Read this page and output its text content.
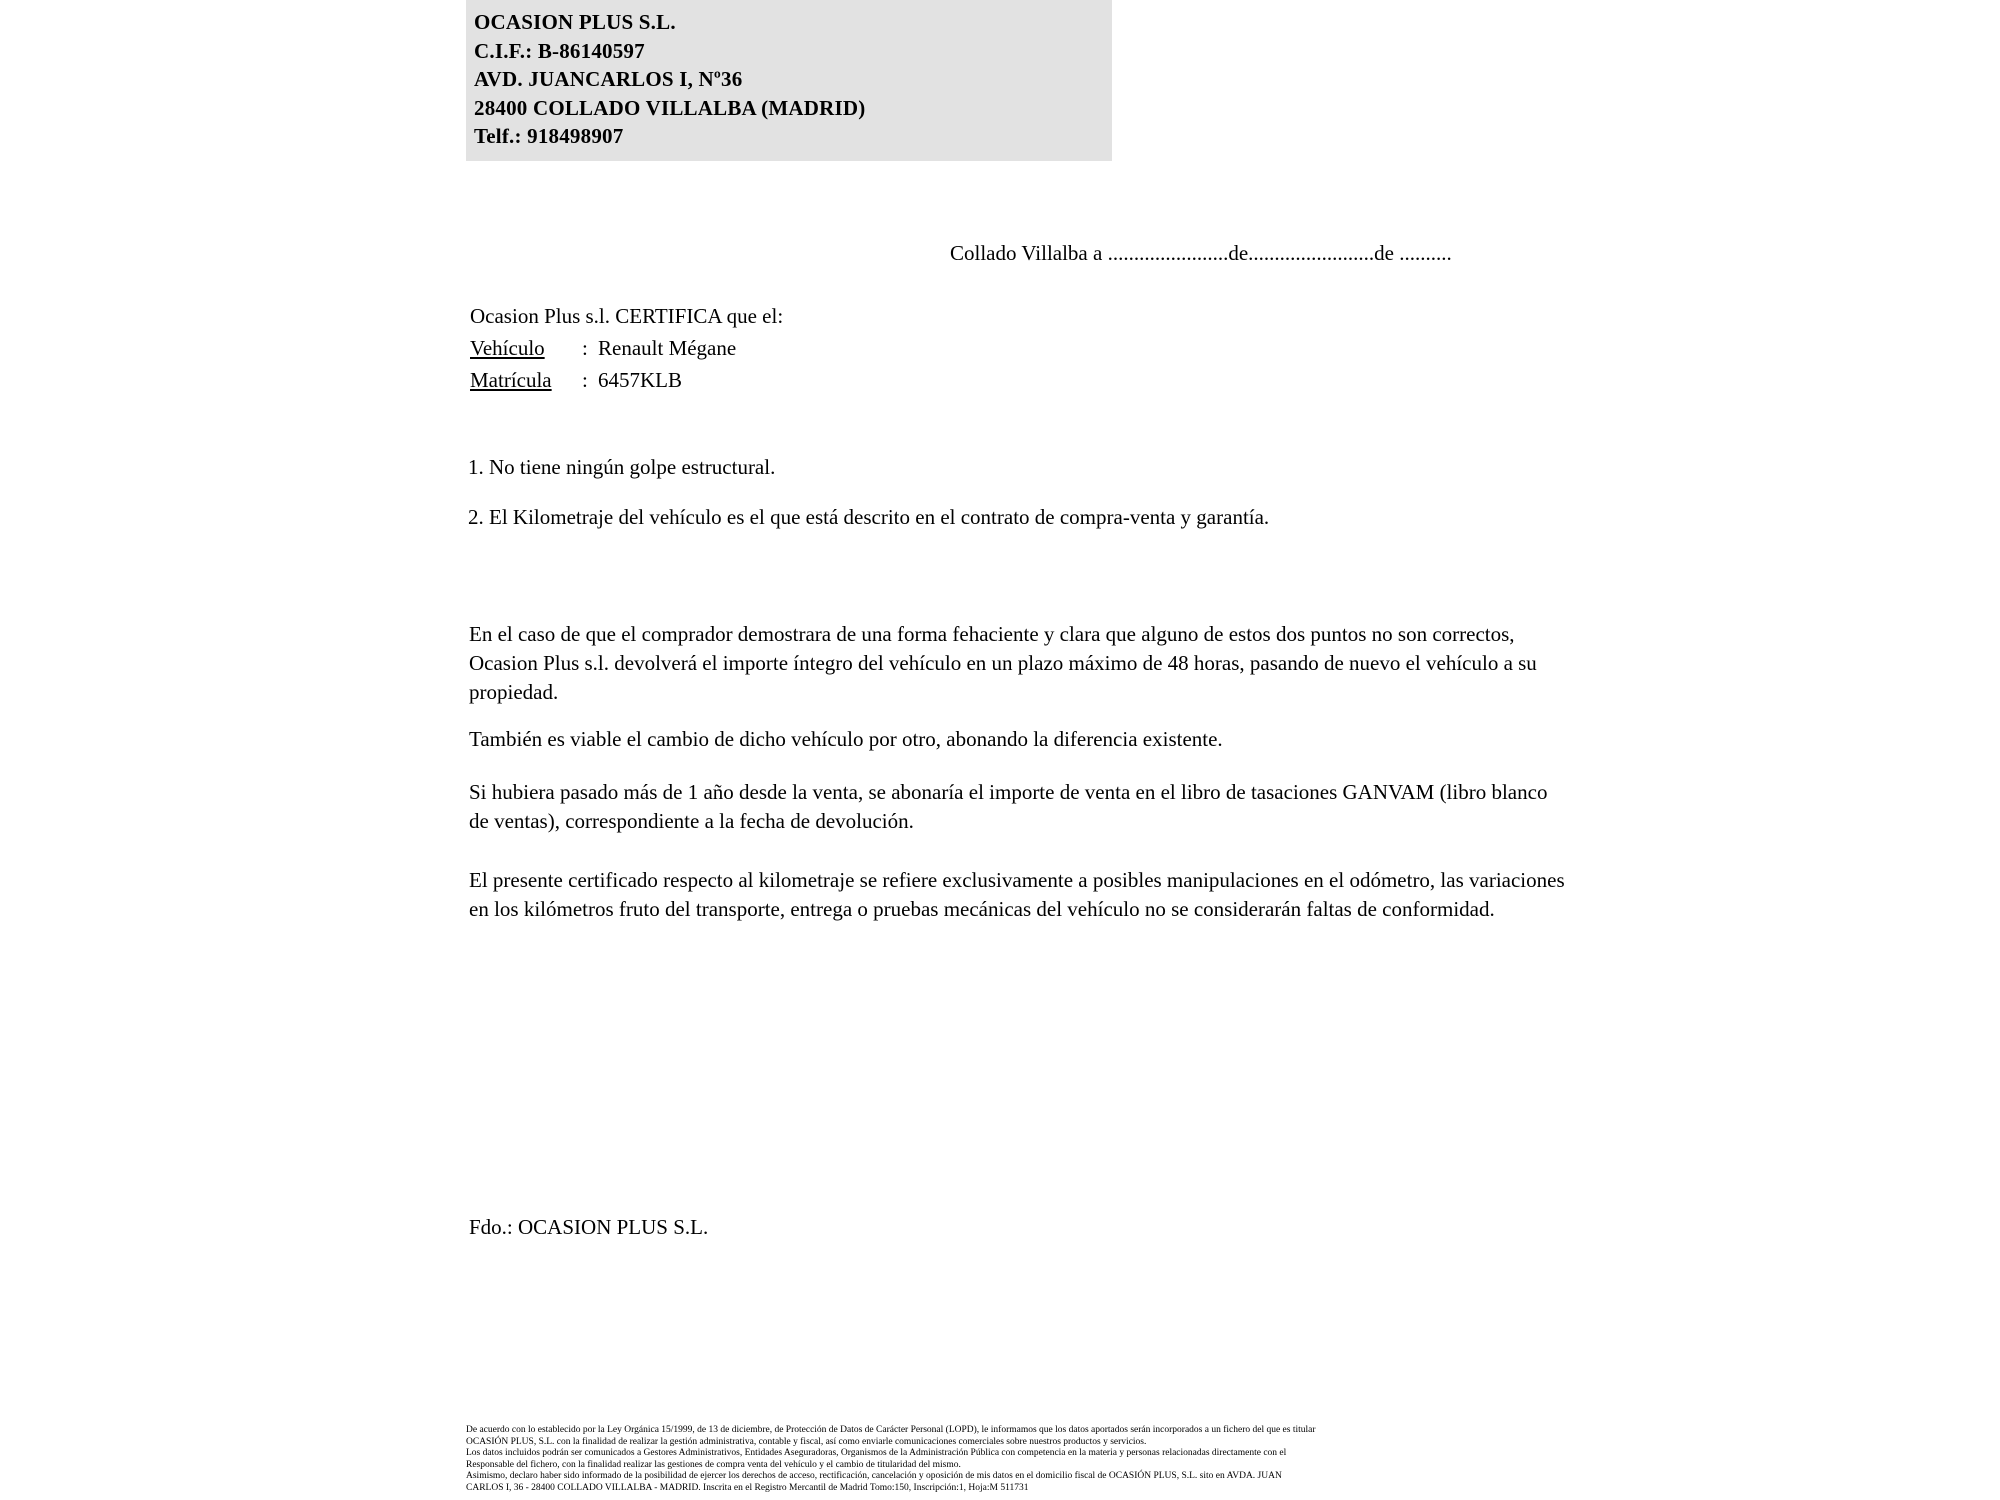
OCASION PLUS S.L.
C.I.F.: B-86140597
AVD. JUANCARLOS I, Nº36
28400 COLLADO VILLALBA (MADRID)
Telf.: 918498907
Collado Villalba a .......................de........................de ..........
Ocasion Plus s.l. CERTIFICA que el:
Vehículo	: Renault Mégane
Matrícula	: 6457KLB
1. No tiene ningún golpe estructural.
2. El Kilometraje del vehículo es el que está descrito en el contrato de compra-venta y garantía.
En el caso de que el comprador demostrara de una forma fehaciente y clara que alguno de estos dos puntos no son correctos, Ocasion Plus s.l. devolverá el importe íntegro del vehículo en un plazo máximo de 48 horas, pasando de nuevo el vehículo a su propiedad.
También es viable el cambio de dicho vehículo por otro, abonando la diferencia existente.
Si hubiera pasado más de 1 año desde la venta, se abonaría el importe de venta en el libro de tasaciones GANVAM (libro blanco de ventas), correspondiente a la fecha de devolución.
El presente certificado respecto al kilometraje se refiere exclusivamente a posibles manipulaciones en el odómetro, las variaciones en los kilómetros fruto del transporte, entrega o pruebas mecánicas del vehículo no se considerarán faltas de conformidad.
Fdo.: OCASION PLUS S.L.

De acuerdo con lo establecido por la Ley Orgánica 15/1999, de 13 de diciembre, de Protección de Datos de Carácter Personal (LOPD), le informamos que los datos aportados serán incorporados a un fichero del que es titular

OCASIÓN PLUS, S.L. con la finalidad de realizar la gestión administrativa, contable y fiscal, así como enviarle comunicaciones comerciales sobre nuestros productos y servicios.

Los datos incluidos podrán ser comunicados a Gestores Administrativos, Entidades Aseguradoras, Organismos de la Administración Pública con competencia en la materia y personas relacionadas directamente con el

Responsable del fichero, con la finalidad realizar las gestiones de compra venta del vehículo y el cambio de titularidad del mismo.

Asimismo, declaro haber sido informado de la posibilidad de ejercer los derechos de acceso, rectificación, cancelación y oposición de mis datos en el domicilio fiscal de OCASIÓN PLUS, S.L. sito en AVDA. JUAN

CARLOS I, 36 - 28400 COLLADO VILLALBA - MADRID. Inscrita en el Registro Mercantil de Madrid Tomo:150, Inscripción:1, Hoja:M 511731
